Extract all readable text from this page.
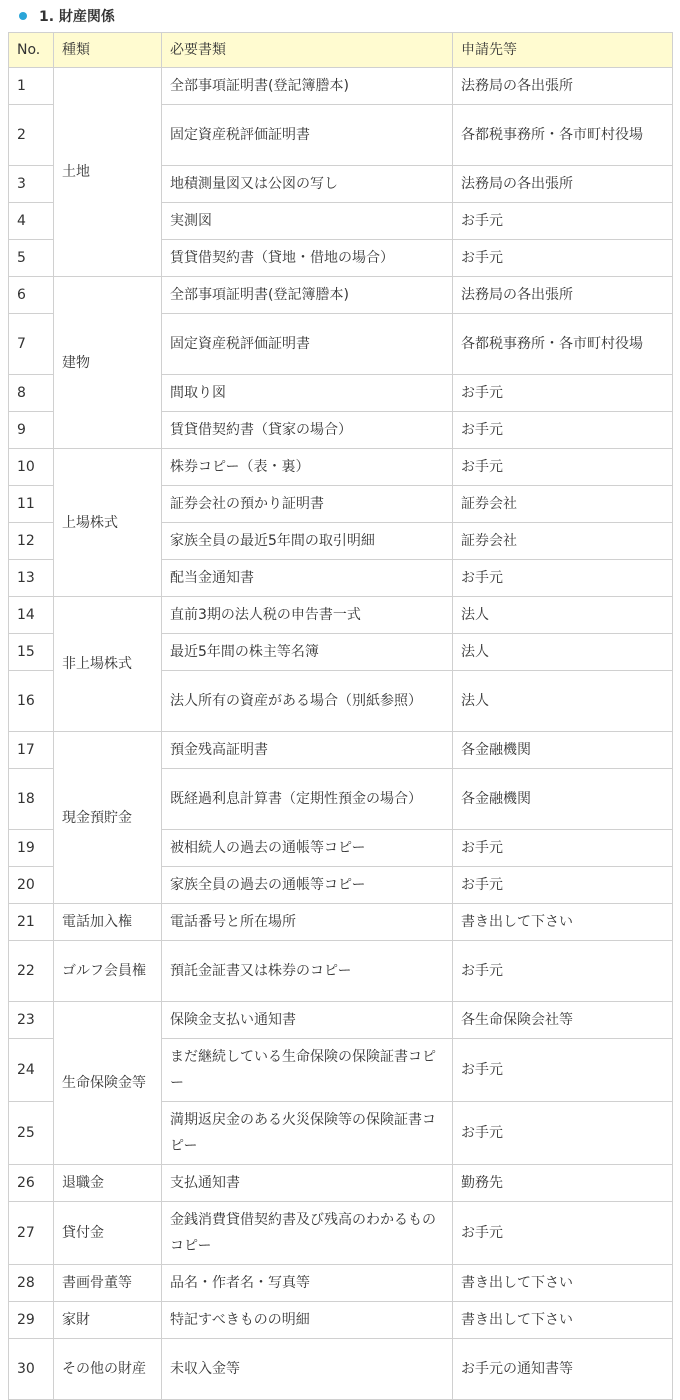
1. 財産関係
No.	種類	必要書類	申請先等
1	土地	全部事項証明書(登記簿謄本)	法務局の各出張所
2		固定資産税評価証明書	各都税事務所・各市町村役場
3		地積測量図又は公図の写し	法務局の各出張所
4		実測図	お手元
5		賃貸借契約書（貸地・借地の場合）	お手元
6	建物	全部事項証明書(登記簿謄本)	法務局の各出張所
7		固定資産税評価証明書	各都税事務所・各市町村役場
8		間取り図	お手元
9		賃貸借契約書（貸家の場合）	お手元
10	上場株式	株券コピー（表・裏）	お手元
11		証券会社の預かり証明書	証券会社
12		家族全員の最近5年間の取引明細	証券会社
13		配当金通知書	お手元
14	非上場株式	直前3期の法人税の申告書一式	法人
15		最近5年間の株主等名簿	法人
16		法人所有の資産がある場合（別紙参照）	法人
17	現金預貯金	預金残高証明書	各金融機関
18		既経過利息計算書（定期性預金の場合）	各金融機関
19		被相続人の過去の通帳等コピー	お手元
20		家族全員の過去の通帳等コピー	お手元
21	電話加入権	電話番号と所在場所	書き出して下さい
22	ゴルフ会員権	預託金証書又は株券のコピー	お手元
23	生命保険金等	保険金支払い通知書	各生命保険会社等
24		まだ継続している生命保険の保険証書コピー	お手元
25		満期返戻金のある火災保険等の保険証書コピー	お手元
26	退職金	支払通知書	勤務先
27	貸付金	金銭消費貸借契約書及び残高のわかるものコピー	お手元
28	書画骨董等	品名・作者名・写真等	書き出して下さい
29	家財	特記すべきものの明細	書き出して下さい
30	その他の財産	未収入金等	お手元の通知書等
